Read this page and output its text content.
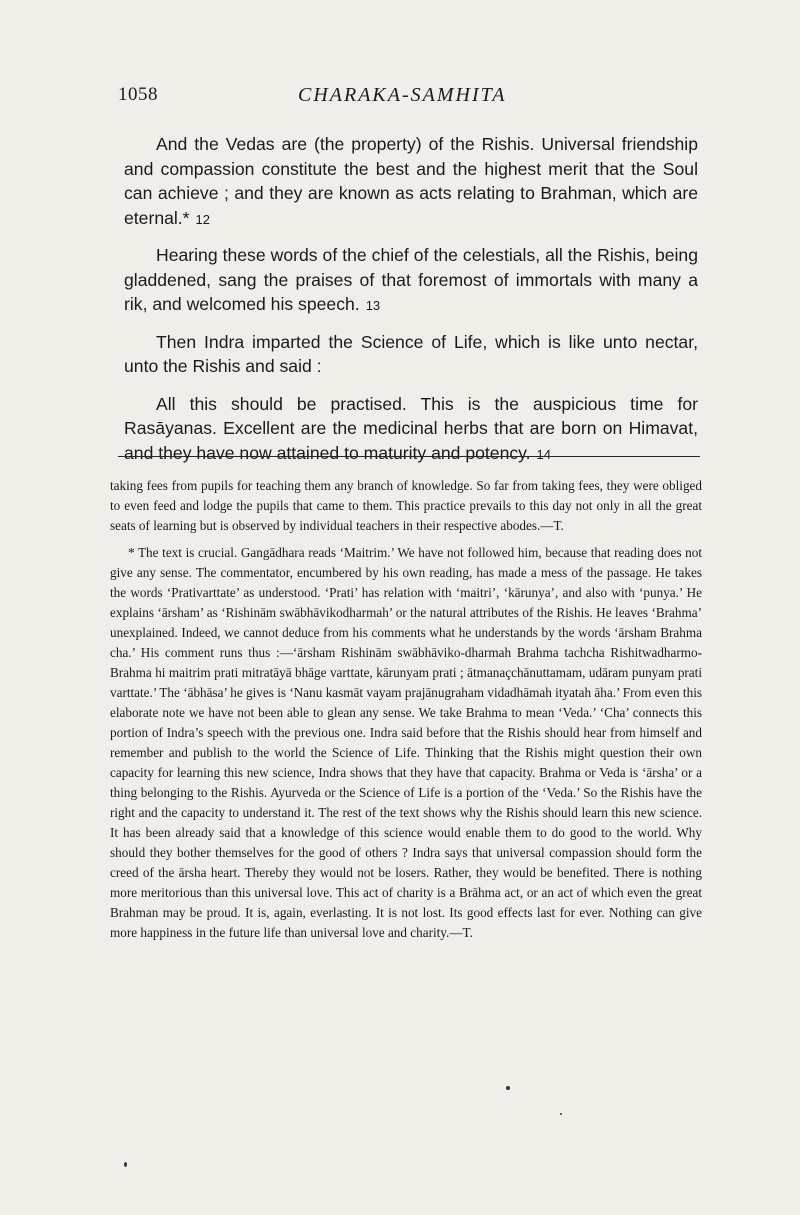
1058	CHARAKA-SAMHITA

And the Vedas are (the property) of the Rishis. Universal friendship and compassion constitute the best and the highest merit that the Soul can achieve ; and they are known as acts relating to Brahman, which are eternal.* 12

Hearing these words of the chief of the celestials, all the Rishis, being gladdened, sang the praises of that foremost of immortals with many a rik, and welcomed his speech. 13

Then Indra imparted the Science of Life, which is like unto nectar, unto the Rishis and said :

All this should be practised. This is the auspicious time for Rasāyanas. Excellent are the medicinal herbs that are born on Himavat, and they have now attained to maturity and potency. 14

taking fees from pupils for teaching them any branch of knowledge. So far from taking fees, they were obliged to even feed and lodge the pupils that came to them. This practice prevails to this day not only in all the great seats of learning but is observed by individual teachers in their respective abodes.—T.

* The text is crucial. Gangādhara reads ‘Maitrim.’ We have not followed him, because that reading does not give any sense. The commentator, encumbered by his own reading, has made a mess of the passage. He takes the words ‘Prativarttate’ as understood. ‘Prati’ has relation with ‘maitri’, ‘kārunya’, and also with ‘punya.’ He explains ‘ārsham’ as ‘Rishinām swābhāvikodharmah’ or the natural attributes of the Rishis. He leaves ‘Brahma’ unexplained. Indeed, we cannot deduce from his comments what he understands by the words ‘ārsham Brahma cha.’ His comment runs thus :—‘ārsham Rishinām swābhāviko-dharmah Brahma tachcha Rishitwadharmo-Brahma hi maitrim prati mitratāyā bhāge varttate, kārunyam prati ; ātmanaçchānuttamam, udāram punyam prati varttate.’ The ‘ābhāsa’ he gives is ‘Nanu kasmāt vayam prajānugraham vidadhāmah ityatah āha.’ From even this elaborate note we have not been able to glean any sense. We take Brahma to mean ‘Veda.’ ‘Cha’ connects this portion of Indra’s speech with the previous one. Indra said before that the Rishis should hear from himself and remember and publish to the world the Science of Life. Thinking that the Rishis might question their own capacity for learning this new science, Indra shows that they have that capacity. Brahma or Veda is ‘ārsha’ or a thing belonging to the Rishis. Ayurveda or the Science of Life is a portion of the ‘Veda.’ So the Rishis have the right and the capacity to understand it. The rest of the text shows why the Rishis should learn this new science. It has been already said that a knowledge of this science would enable them to do good to the world. Why should they bother themselves for the good of others ? Indra says that universal compassion should form the creed of the ārsha heart. Thereby they would not be losers. Rather, they would be benefited. There is nothing more meritorious than this universal love. This act of charity is a Brāhma act, or an act of which even the great Brahman may be proud. It is, again, everlasting. It is not lost. Its good effects last for ever. Nothing can give more happiness in the future life than universal love and charity.—T.
